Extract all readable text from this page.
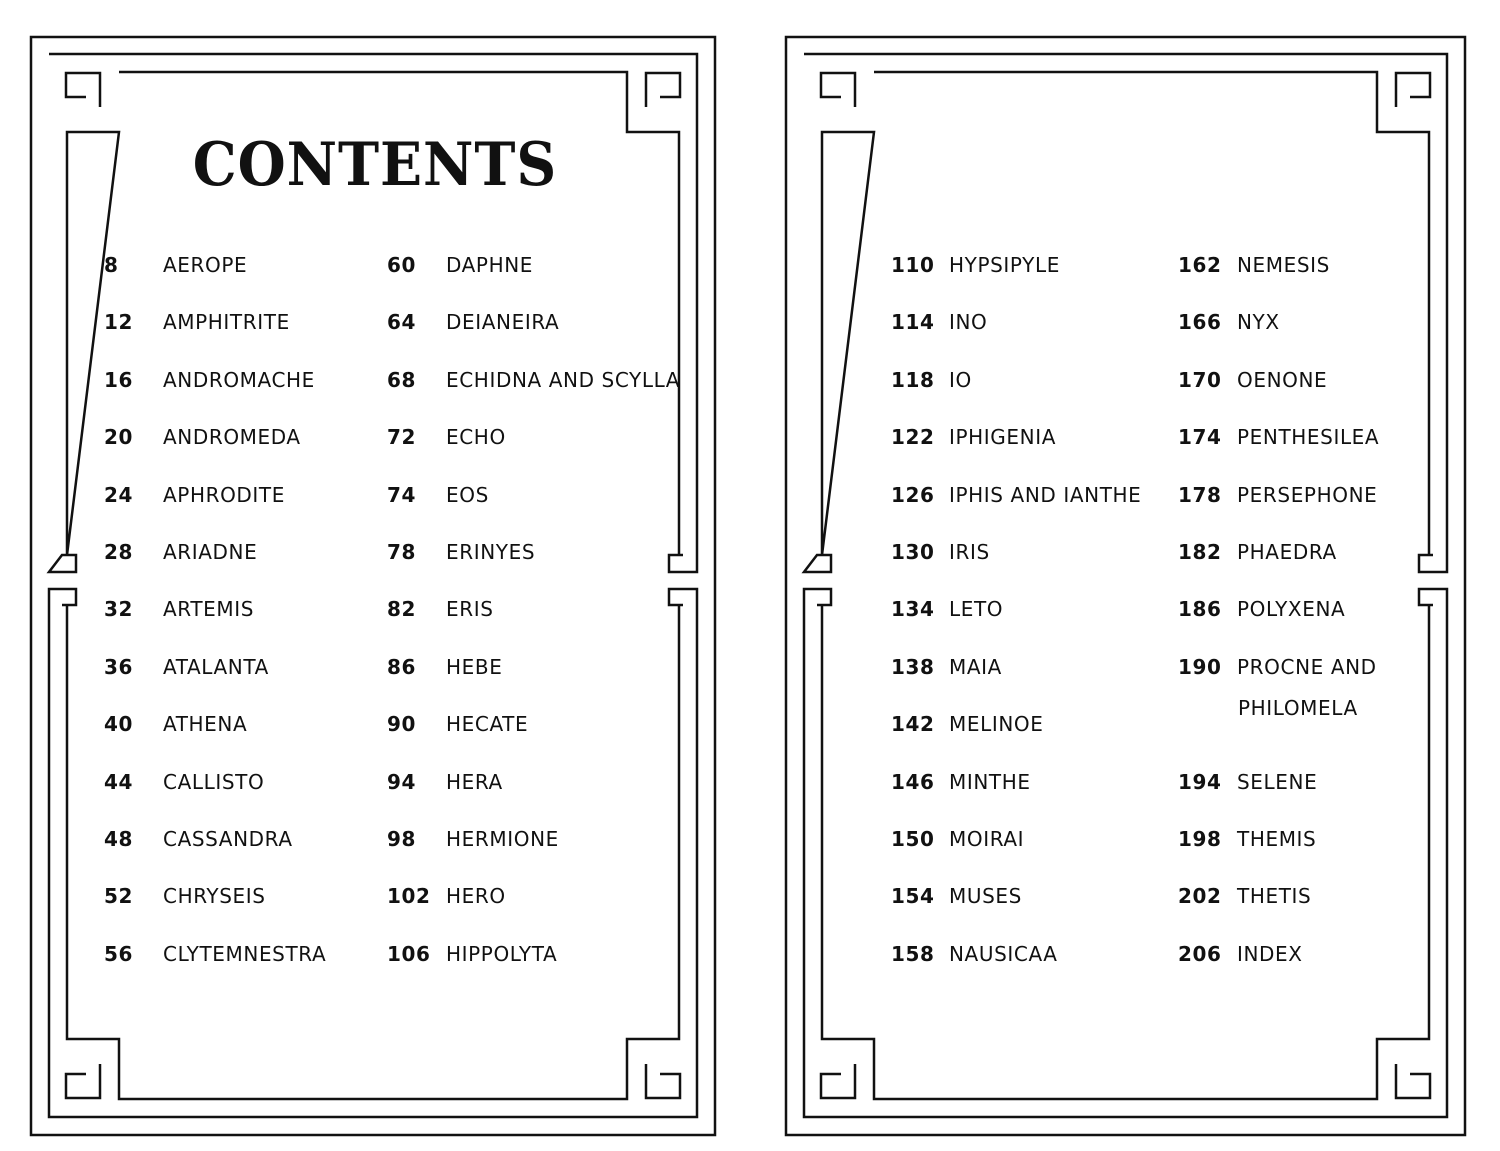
CONTENTS
8 AEROPE
12 AMPHITRITE
16 ANDROMACHE
20 ANDROMEDA
24 APHRODITE
28 ARIADNE
32 ARTEMIS
36 ATALANTA
40 ATHENA
44 CALLISTO
48 CASSANDRA
52 CHRYSEIS
56 CLYTEMNESTRA
60 DAPHNE
64 DEIANEIRA
68 ECHIDNA AND SCYLLA
72 ECHO
74 EOS
78 ERINYES
82 ERIS
86 HEBE
90 HECATE
94 HERA
98 HERMIONE
102 HERO
106 HIPPOLYTA
110 HYPSIPYLE
114 INO
118 IO
122 IPHIGENIA
126 IPHIS AND IANTHE
130 IRIS
134 LETO
138 MAIA
142 MELINOE
146 MINTHE
150 MOIRAI
154 MUSES
158 NAUSICAA
162 NEMESIS
166 NYX
170 OENONE
174 PENTHESILEA
178 PERSEPHONE
182 PHAEDRA
186 POLYXENA
190 PROCNE AND
PHILOMELA
194 SELENE
198 THEMIS
202 THETIS
206 INDEX
